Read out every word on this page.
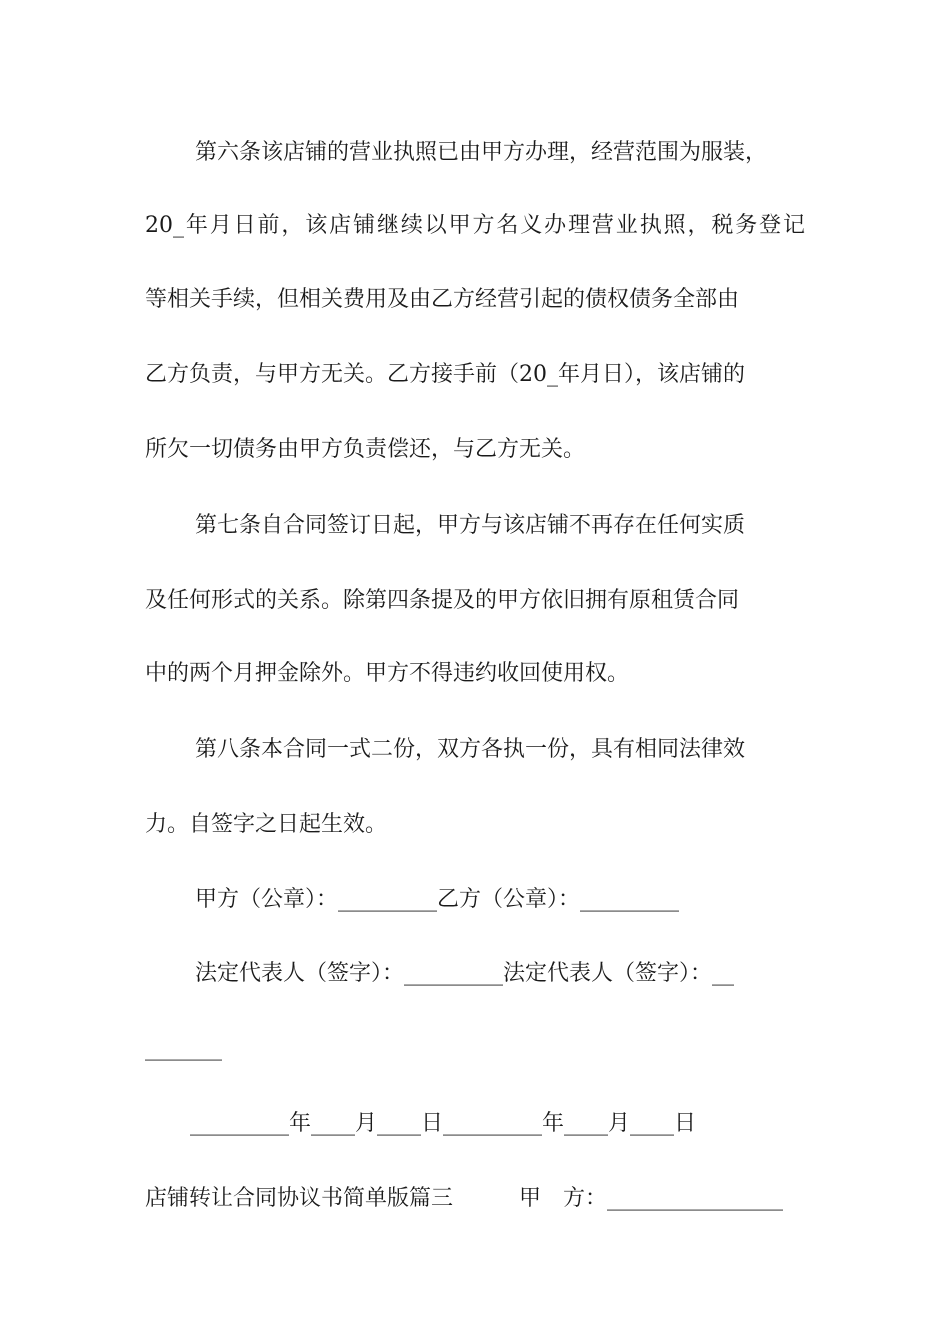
第六条该店铺的营业执照已由甲方办理，经营范围为服装，
20_年月日前，该店铺继续以甲方名义办理营业执照，税务登记
等相关手续，但相关费用及由乙方经营引起的债权债务全部由
乙方负责，与甲方无关。乙方接手前（20_年月日），该店铺的
所欠一切债务由甲方负责偿还，与乙方无关。
第七条自合同签订日起，甲方与该店铺不再存在任何实质
及任何形式的关系。除第四条提及的甲方依旧拥有原租赁合同
中的两个月押金除外。甲方不得违约收回使用权。
第八条本合同一式二份，双方各执一份，具有相同法律效
力。自签字之日起生效。
甲方（公章）：_________乙方（公章）：_________
法定代表人（签字）：_________法定代表人（签字）：__
_______
_________年____月____日_________年____月____日
店铺转让合同协议书简单版篇三　　　甲　方：________________
